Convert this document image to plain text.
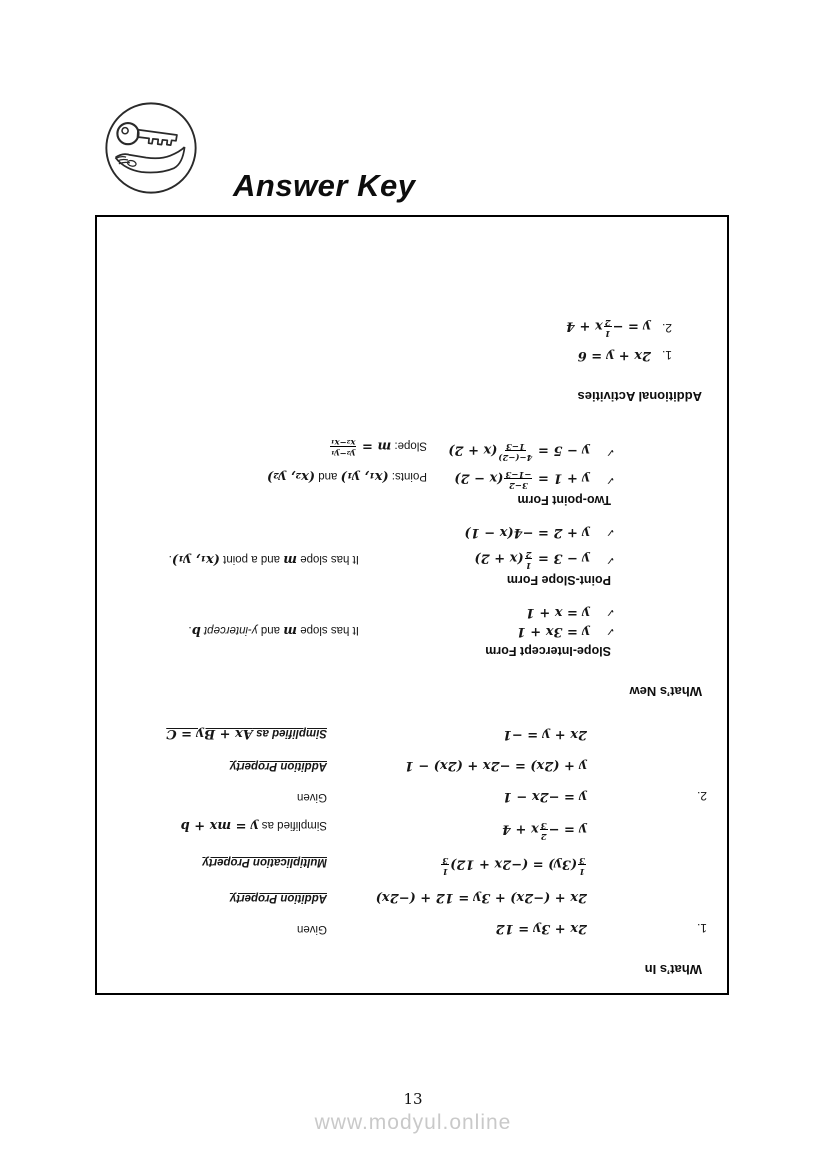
Answer Key
What’s In
1.
2x + 3y = 12
Given
2x + (−2x) + 3y = 12 + (−2x)
Addition Property
1
3
(3y) = (−2x + 12)
1
3
Multiplication Property
y = −
2
3
x + 4
Simplified as y = mx + b
2.
y = −2x − 1
Given
y + (2x) = −2x + (2x) − 1
Addition Property
2x + y = −1
Simplified as Ax + By = C
What’s New
Slope-Intercept Form
✓
y = 3x + 1
It has slope m and y-intercept b.
✓
y = x + 1
Point-Slope Form
✓
y − 3 =
1
2
(x + 2)
It has slope m and a point (x₁, y₁).
✓
y + 2 = −4(x − 1)
Two-point Form
✓
y + 1 =
3−2
−1−3
(x − 2)
Points: (x₁, y₁) and (x₂, y₂)
✓
y − 5 =
4−(−2)
1−3
(x + 2)
Slope: m =
y₂−y₁
x₂−x₁
Additional Activities
1.
2x + y = 6
2.
y = −
1
2
x + 4
13
www.modyul.online
